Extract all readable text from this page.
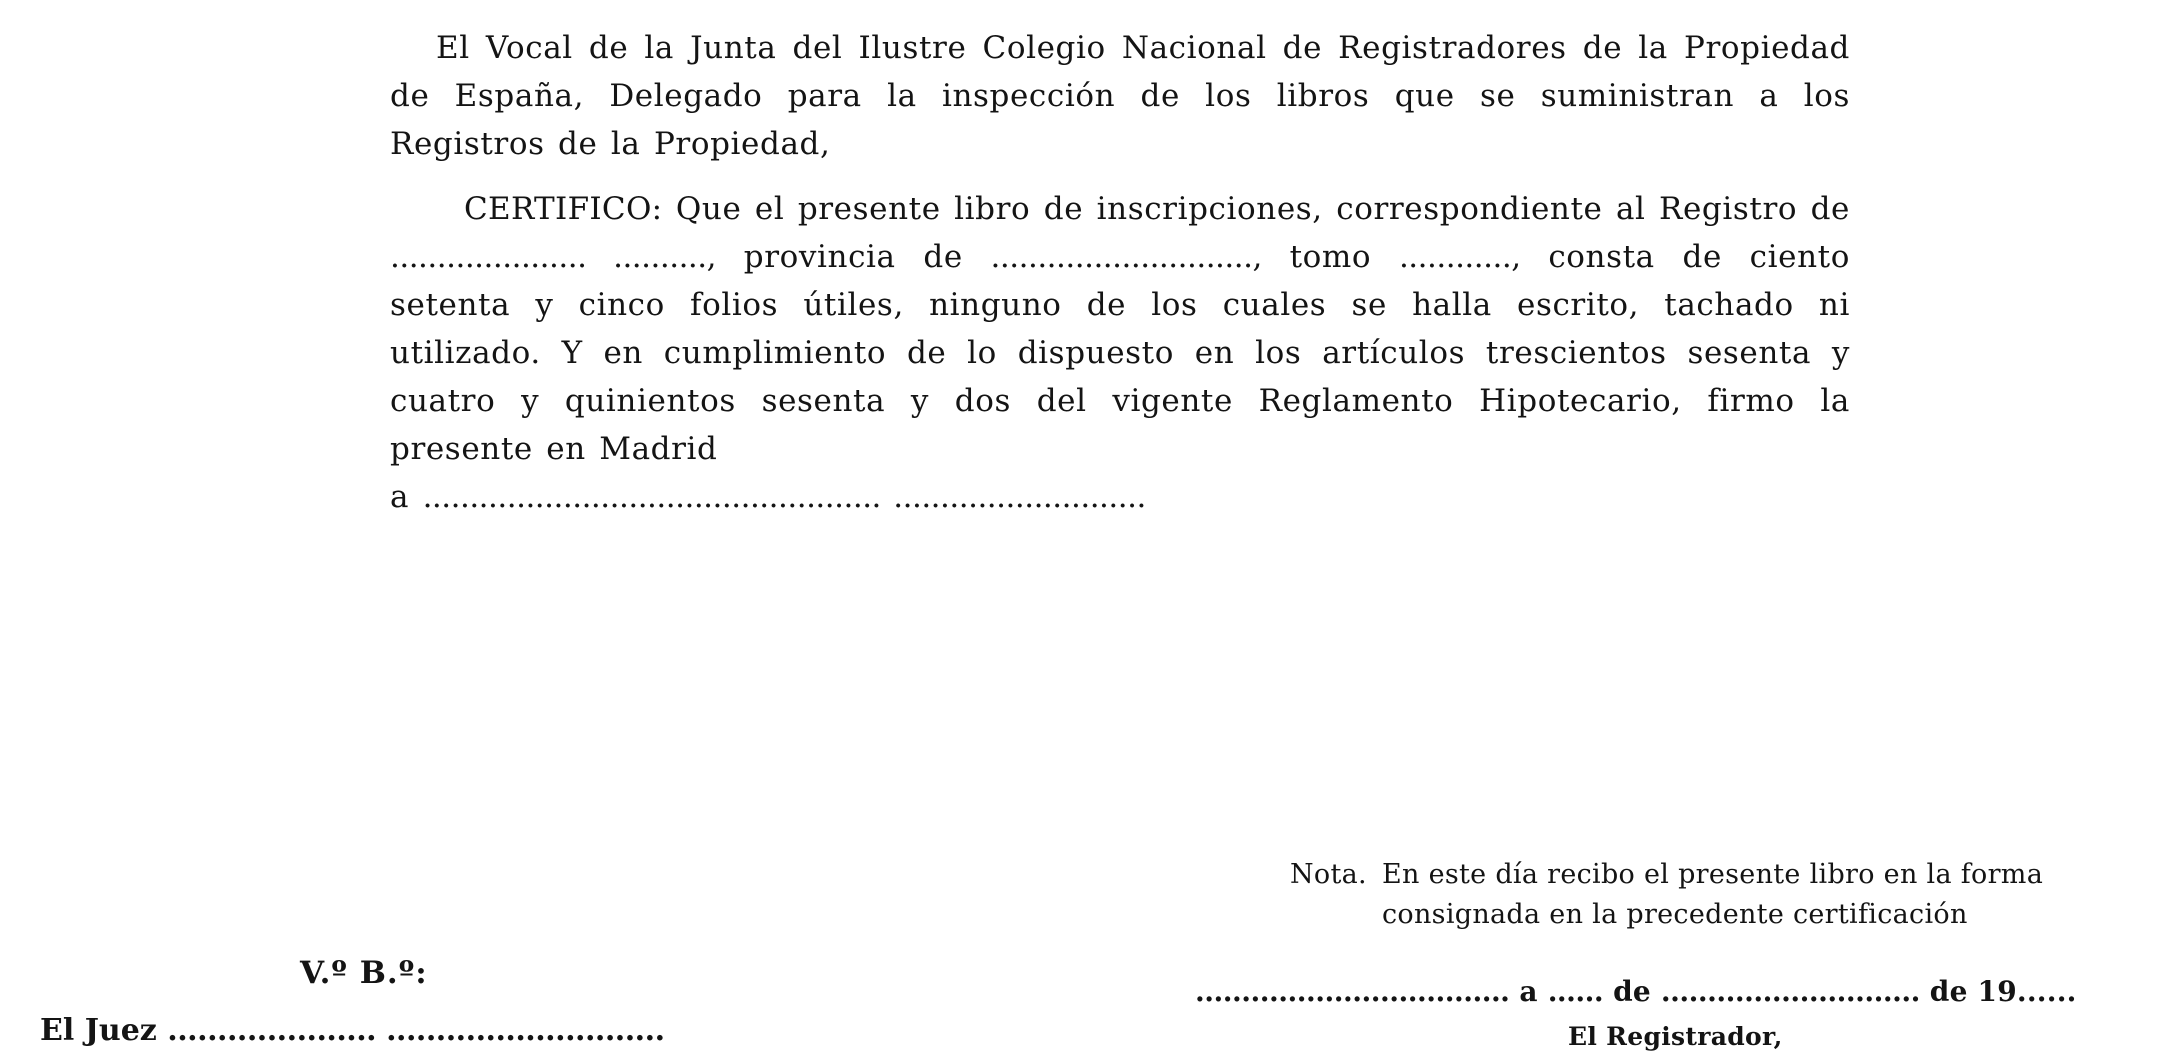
El Vocal de la Junta del Ilustre Colegio Nacional de Registradores de la Propiedad de España, Delegado para la inspección de los libros que se suministran a los Registros de la Propiedad,
CERTIFICO: Que el presente libro de inscripciones, correspondiente al Registro de ..................... .........., provincia de ............................, tomo ............, consta de ciento setenta y cinco folios útiles, ninguno de los cuales se halla escrito, tachado ni utilizado. Y en cumplimiento de lo dispuesto en los artículos trescientos sesenta y cuatro y quinientos sesenta y dos del vigente Reglamento Hipotecario, firmo la presente en Madrid
a ................................................. ...........................
Nota. En este día recibo el presente libro en la forma
consignada en la precedente certificación
.................................. a ...... de ............................ de 19......
El Registrador,
V.º B.º:
El Juez ..................... ............................
